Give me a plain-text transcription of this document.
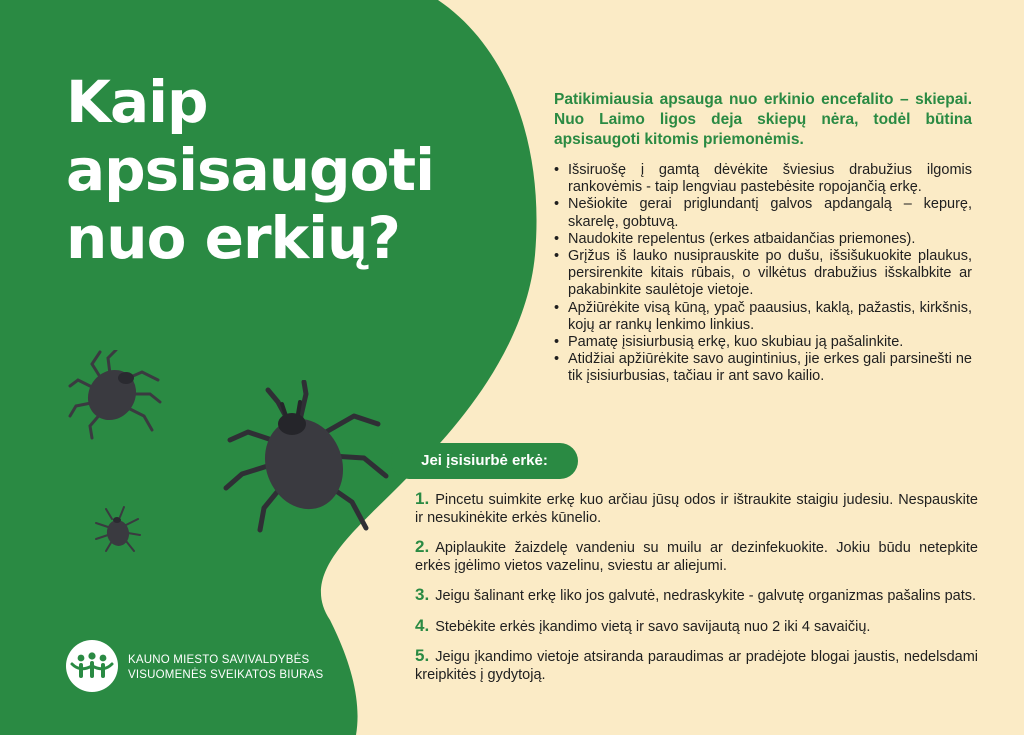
Kaip
apsisaugoti
nuo erkių?

Patikimiausia apsauga nuo erkinio encefalito – skiepai. Nuo Laimo ligos deja skiepų nėra, todėl būtina apsisaugoti kitomis priemonėmis.

• Išsiruošę į gamtą dėvėkite šviesius drabužius ilgomis rankovėmis - taip lengviau pastebėsite ropojančią erkę.
• Nešiokite gerai priglundantį galvos apdangalą – kepurę, skarelę, gobtuvą.
• Naudokite repelentus (erkes atbaidančias priemones).
• Grįžus iš lauko nusiprauskite po dušu, išsišukuokite plaukus, persirenkite kitais rūbais, o vilkėtus drabužius išskalbkite ar pakabinkite saulėtoje vietoje.
• Apžiūrėkite visą kūną, ypač paausius, kaklą, pažastis, kirkšnis, kojų ar rankų lenkimo linkius.
• Pamatę įsisiurbusią erkę, kuo skubiau ją pašalinkite.
• Atidžiai apžiūrėkite savo augintinius, jie erkes gali parsinešti ne tik įsisiurbusias, tačiau ir ant savo kailio.
Jei įsisiurbė erkė:
1. Pincetu suimkite erkę kuo arčiau jūsų odos ir ištraukite staigiu judesiu. Nespauskite ir nesukinėkite erkės kūnelio.
2. Apiplaukite žaizdelę vandeniu su muilu ar dezinfekuokite. Jokiu būdu netepkite erkės įgėlimo vietos vazelinu, sviestu ar aliejumi.
3. Jeigu šalinant erkę liko jos galvutė, nedraskykite - galvutę organizmas pašalins pats.
4. Stebėkite erkės įkandimo vietą ir savo savijautą nuo 2 iki 4 savaičių.
5. Jeigu įkandimo vietoje atsiranda paraudimas ar pradėjote blogai jaustis, nedelsdami kreipkitės į gydytoją.
KAUNO MIESTO SAVIVALDYBĖS
VISUOMENĖS SVEIKATOS BIURAS
